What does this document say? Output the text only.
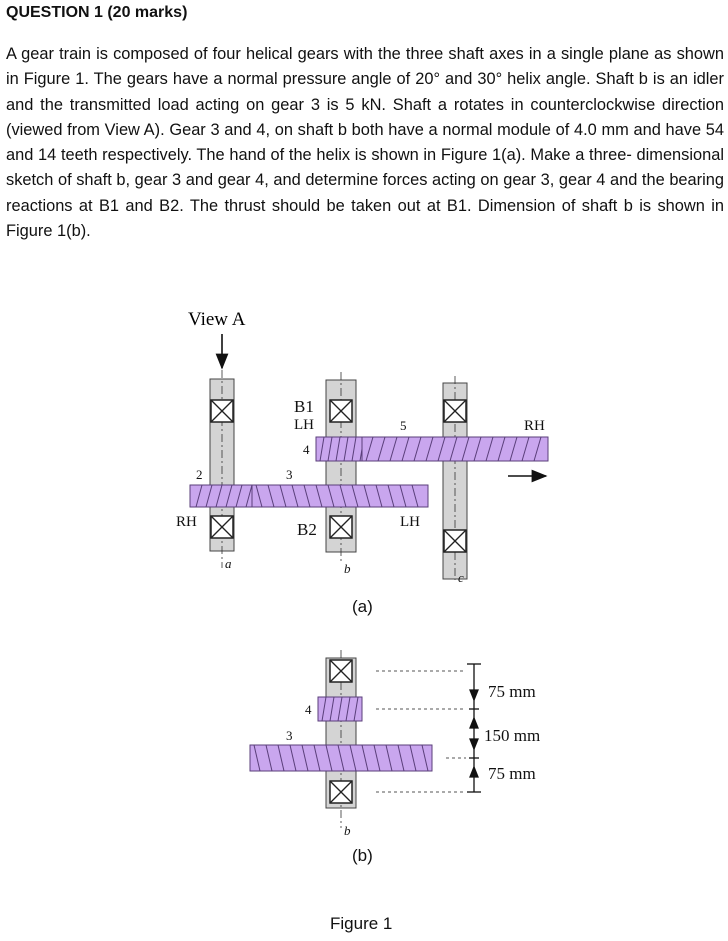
QUESTION 1 (20 marks)

A gear train is composed of four helical gears with the three shaft axes in a single plane as shown in Figure 1. The gears have a normal pressure angle of 20° and 30° helix angle. Shaft b is an idler and the transmitted load acting on gear 3 is 5 kN. Shaft a rotates in counterclockwise direction (viewed from View A). Gear 3 and 4, on shaft b both have a normal module of 4.0 mm and have 54 and 14 teeth respectively. The hand of the helix is shown in Figure 1(a). Make a three- dimensional sketch of shaft b, gear 3 and gear 4, and determine forces acting on gear 3, gear 4 and the bearing reactions at B1 and B2. The thrust should be taken out at B1. Dimension of shaft b is shown in Figure 1(b).

View A
B1
LH
4
5	RH
2	3
RH	B2	LH
a	b
c
4
3
b
75 mm
150 mm
75 mm
(a)
(b)
Figure 1
